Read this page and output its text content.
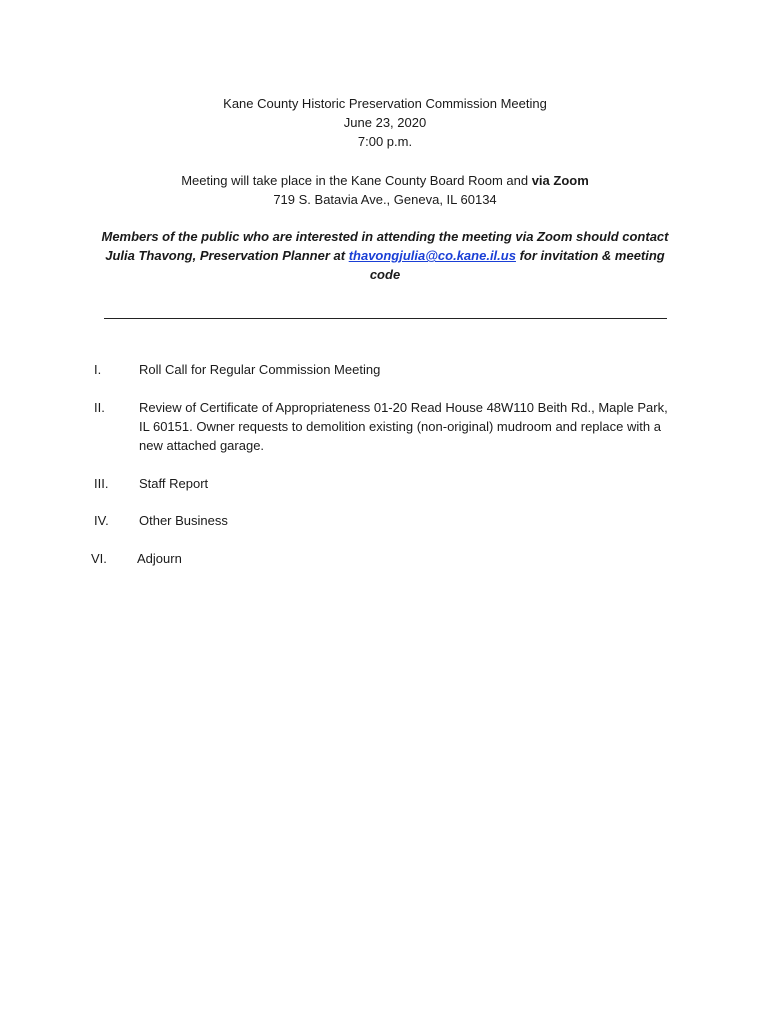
Kane County Historic Preservation Commission Meeting
June 23, 2020
7:00 p.m.
Meeting will take place in the Kane County Board Room and via Zoom
719 S. Batavia Ave., Geneva, IL 60134
Members of the public who are interested in attending the meeting via Zoom should contact Julia Thavong, Preservation Planner at thavongjulia@co.kane.il.us for invitation & meeting code
I.	Roll Call for Regular Commission Meeting
II.	Review of Certificate of Appropriateness 01-20 Read House 48W110 Beith Rd., Maple Park, IL 60151. Owner requests to demolition existing (non-original) mudroom and replace with a new attached garage.
III. Staff Report
IV. Other Business
VI. Adjourn
